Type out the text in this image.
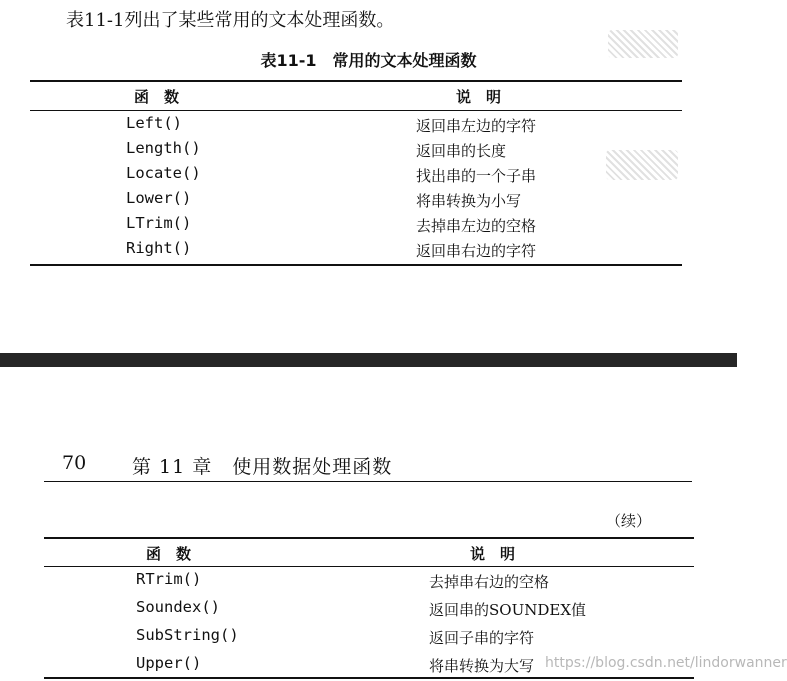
表11-1列出了某些常用的文本处理函数。
表11-1　常用的文本处理函数
函　数	说　明
Left()	返回串左边的字符
Length()	返回串的长度
Locate()	找出串的一个子串
Lower()	将串转换为小写
LTrim()	去掉串左边的空格
Right()	返回串右边的字符
70 第 11 章　使用数据处理函数
（续）
函　数	说　明
RTrim()	去掉串右边的空格
Soundex()	返回串的SOUNDEX值
SubString()	返回子串的字符
Upper()	将串转换为大写 https://blog.csdn.net/lindorwanner
